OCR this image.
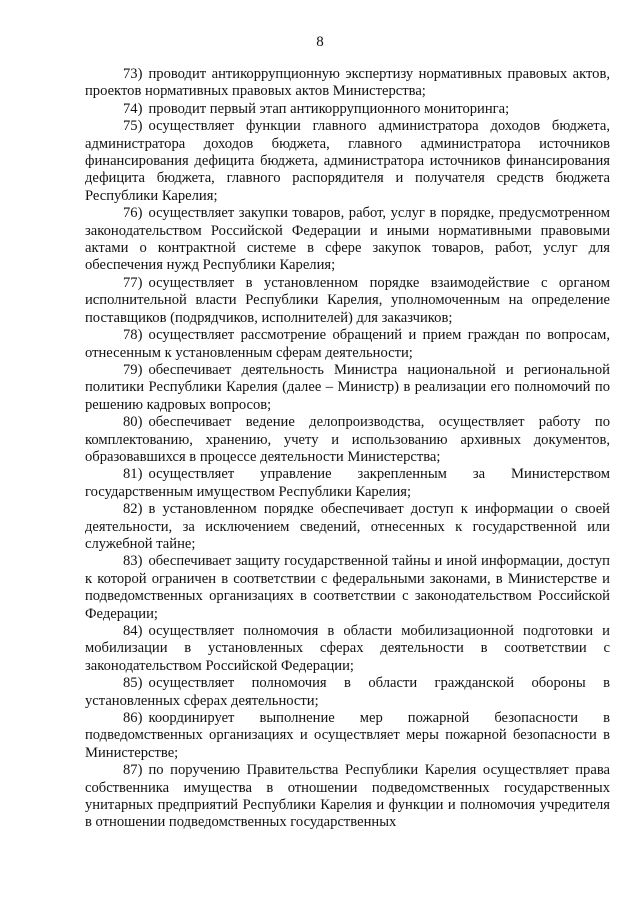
8

73) проводит антикоррупционную экспертизу нормативных правовых актов, проектов нормативных правовых актов Министерства;

74) проводит первый этап антикоррупционного мониторинга;

75) осуществляет функции главного администратора доходов бюджета, администратора доходов бюджета, главного администратора источников финансирования дефицита бюджета, администратора источников финансирования дефицита бюджета, главного распорядителя и получателя средств бюджета Республики Карелия;

76) осуществляет закупки товаров, работ, услуг в порядке, предусмотренном законодательством Российской Федерации и иными нормативными правовыми актами о контрактной системе в сфере закупок товаров, работ, услуг для обеспечения нужд Республики Карелия;

77) осуществляет в установленном порядке взаимодействие с органом исполнительной власти Республики Карелия, уполномоченным на определение поставщиков (подрядчиков, исполнителей) для заказчиков;

78) осуществляет рассмотрение обращений и прием граждан по вопросам, отнесенным к установленным сферам деятельности;

79) обеспечивает деятельность Министра национальной и региональной политики Республики Карелия (далее – Министр) в реализации его полномочий по решению кадровых вопросов;

80) обеспечивает ведение делопроизводства, осуществляет работу по комплектованию, хранению, учету и использованию архивных документов, образовавшихся в процессе деятельности Министерства;

81) осуществляет управление закрепленным за Министерством государственным имуществом Республики Карелия;

82) в установленном порядке обеспечивает доступ к информации о своей деятельности, за исключением сведений, отнесенных к государственной или служебной тайне;

83) обеспечивает защиту государственной тайны и иной информации, доступ к которой ограничен в соответствии с федеральными законами, в Министерстве и подведомственных организациях в соответствии с законодательством Российской Федерации;

84) осуществляет полномочия в области мобилизационной подготовки и мобилизации в установленных сферах деятельности в соответствии с законодательством Российской Федерации;

85) осуществляет полномочия в области гражданской обороны в установленных сферах деятельности;

86) координирует выполнение мер пожарной безопасности в подведомственных организациях и осуществляет меры пожарной безопасности в Министерстве;

87) по поручению Правительства Республики Карелия осуществляет права собственника имущества в отношении подведомственных государственных унитарных предприятий Республики Карелия и функции и полномочия учредителя в отношении подведомственных государственных
